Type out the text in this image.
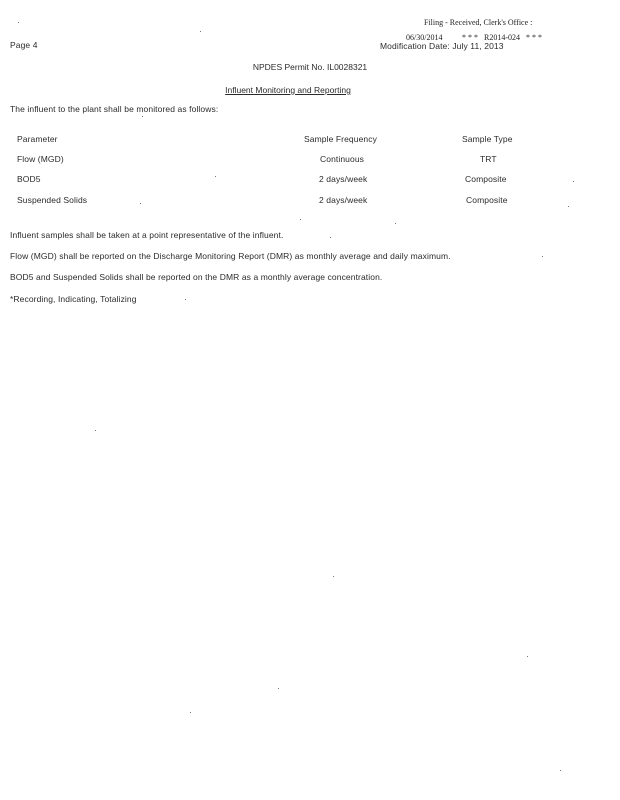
Filing - Received, Clerk's Office :
06/30/2014 * * * R2014-024 * * *
Page 4	Modification Date: July 11, 2013
NPDES Permit No. IL0028321
Influent Monitoring and Reporting
The influent to the plant shall be monitored as follows:
Parameter	Sample Frequency	Sample Type
Flow (MGD)	Continuous	TRT
BOD5	2 days/week	Composite
Suspended Solids	2 days/week	Composite
Influent samples shall be taken at a point representative of the influent.
Flow (MGD) shall be reported on the Discharge Monitoring Report (DMR) as monthly average and daily maximum.
BOD5 and Suspended Solids shall be reported on the DMR as a monthly average concentration.
*Recording, Indicating, Totalizing
